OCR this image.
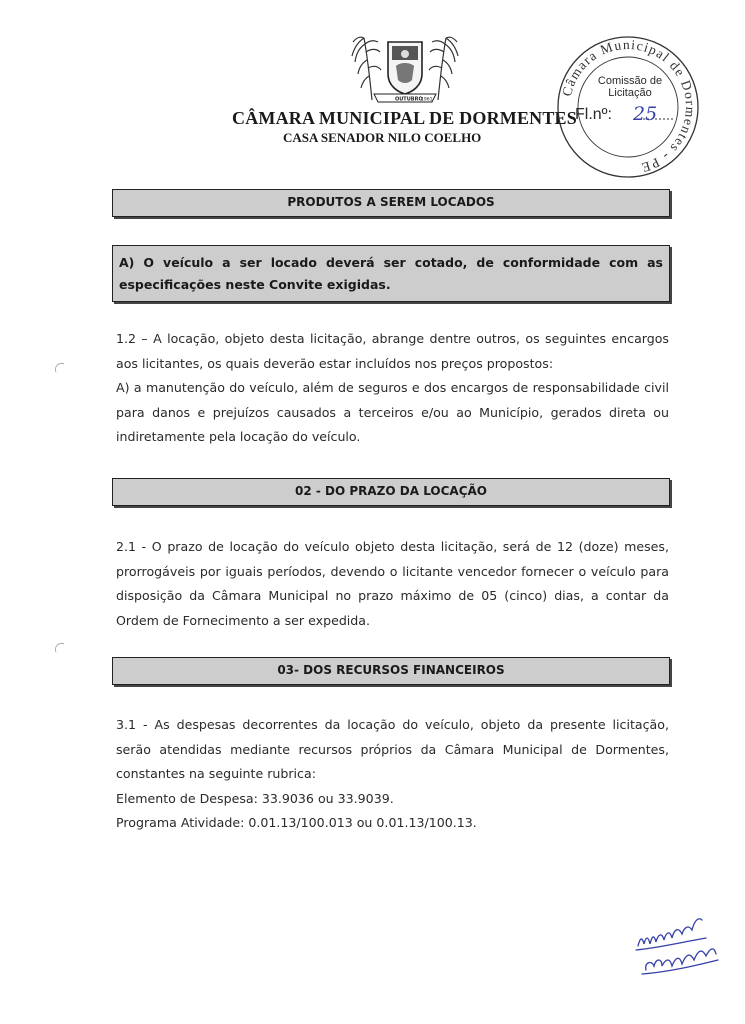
OUTUBRO
1961
CÂMARA MUNICIPAL DE DORMENTES
CASA SENADOR NILO COELHO
Câmara Municipal de Dormentes - PE
Comissão de
Licitação
Fl.nº: 25
PRODUTOS A SEREM LOCADOS
A) O veículo a ser locado deverá ser cotado, de conformidade com as especificações neste Convite exigidas.

1.2 – A locação, objeto desta licitação, abrange dentre outros, os seguintes encargos aos licitantes, os quais deverão estar incluídos nos preços propostos:

A) a manutenção do veículo, além de seguros e dos encargos de responsabilidade civil para danos e prejuízos causados a terceiros e/ou ao Município, gerados direta ou indiretamente pela locação do veículo.

02 - DO PRAZO DA LOCAÇÃO

2.1 - O prazo de locação do veículo objeto desta licitação, será de 12 (doze) meses, prorrogáveis por iguais períodos, devendo o licitante vencedor fornecer o veículo para disposição da Câmara Municipal no prazo máximo de 05 (cinco) dias, a contar da Ordem de Fornecimento a ser expedida.

03- DOS RECURSOS FINANCEIROS

3.1 - As despesas decorrentes da locação do veículo, objeto da presente licitação, serão atendidas mediante recursos próprios da Câmara Municipal de Dormentes, constantes na seguinte rubrica:

Elemento de Despesa: 33.9036 ou 33.9039.

Programa Atividade: 0.01.13/100.013 ou 0.01.13/100.13.
